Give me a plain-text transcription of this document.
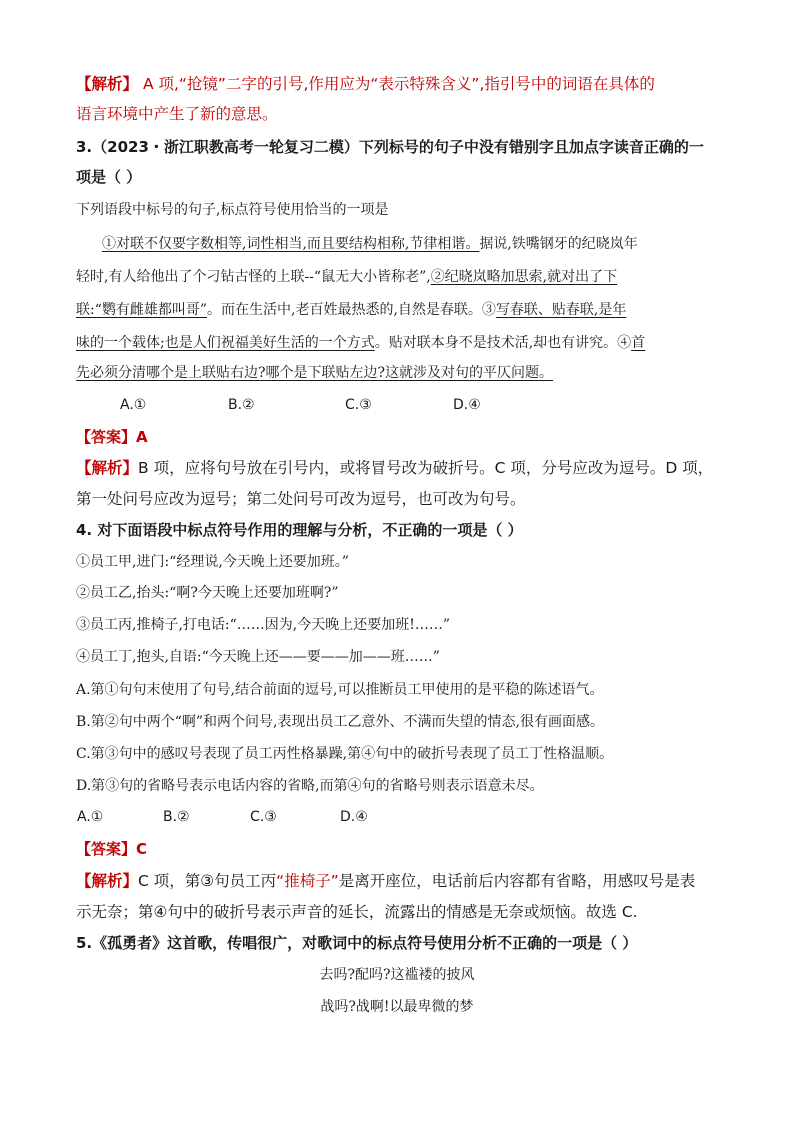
【解析】 A 项,“抢镜”二字的引号,作用应为“表示特殊含义”,指引号中的词语在具体的
语言环境中产生了新的意思。
3.（2023・浙江职教高考一轮复习二模）下列标号的句子中没有错别字且加点字读音正确的一
项是（ ）
下列语段中标号的句子,标点符号使用恰当的一项是
①对联不仅要字数相等,词性相当,而且要结构相称,节律相谐。据说,铁嘴钢牙的纪晓岚年
轻时,有人给他出了个刁钻古怪的上联--“鼠无大小皆称老”,②纪晓岚略加思索,就对出了下
联:“鹦有雌雄都叫哥”。而在生活中,老百姓最热悉的,自然是春联。③写春联、贴春联,是年
味的一个载体;也是人们祝福美好生活的一个方式。贴对联本身不是技术活,却也有讲究。④首
先必须分清哪个是上联贴右边?哪个是下联贴左边?这就涉及对句的平仄问题。
A.①	B.②	C.③	D.④
【答案】A
【解析】B 项，应将句号放在引号内，或将冒号改为破折号。C 项，分号应改为逗号。D 项，
第一处问号应改为逗号；第二处问号可改为逗号，也可改为句号。
4. 对下面语段中标点符号作用的理解与分析，不正确的一项是（ ）
①员工甲,进门:“经理说,今天晚上还要加班。”
②员工乙,抬头:“啊?今天晚上还要加班啊?”
③员工丙,推椅子,打电话:“……因为,今天晚上还要加班!……”
④员工丁,抱头,自语:“今天晚上还——要——加——班……”
A.第①句句末使用了句号,结合前面的逗号,可以推断员工甲使用的是平稳的陈述语气。
B.第②句中两个“啊”和两个问号,表现出员工乙意外、不满而失望的情态,很有画面感。
C.第③句中的感叹号表现了员工丙性格暴躁,第④句中的破折号表现了员工丁性格温顺。
D.第③句的省略号表示电话内容的省略,而第④句的省略号则表示语意未尽。
A.①	B.②	C.③	D.④
【答案】C
【解析】C 项，第③句员工丙“推椅子”是离开座位，电话前后内容都有省略，用感叹号是表
示无奈；第④句中的破折号表示声音的延长，流露出的情感是无奈或烦恼。故选 C.
5.《孤勇者》这首歌，传唱很广，对歌词中的标点符号使用分析不正确的一项是（ ）
去吗?配吗?这褴褛的披风
战吗?战啊!以最卑微的梦
